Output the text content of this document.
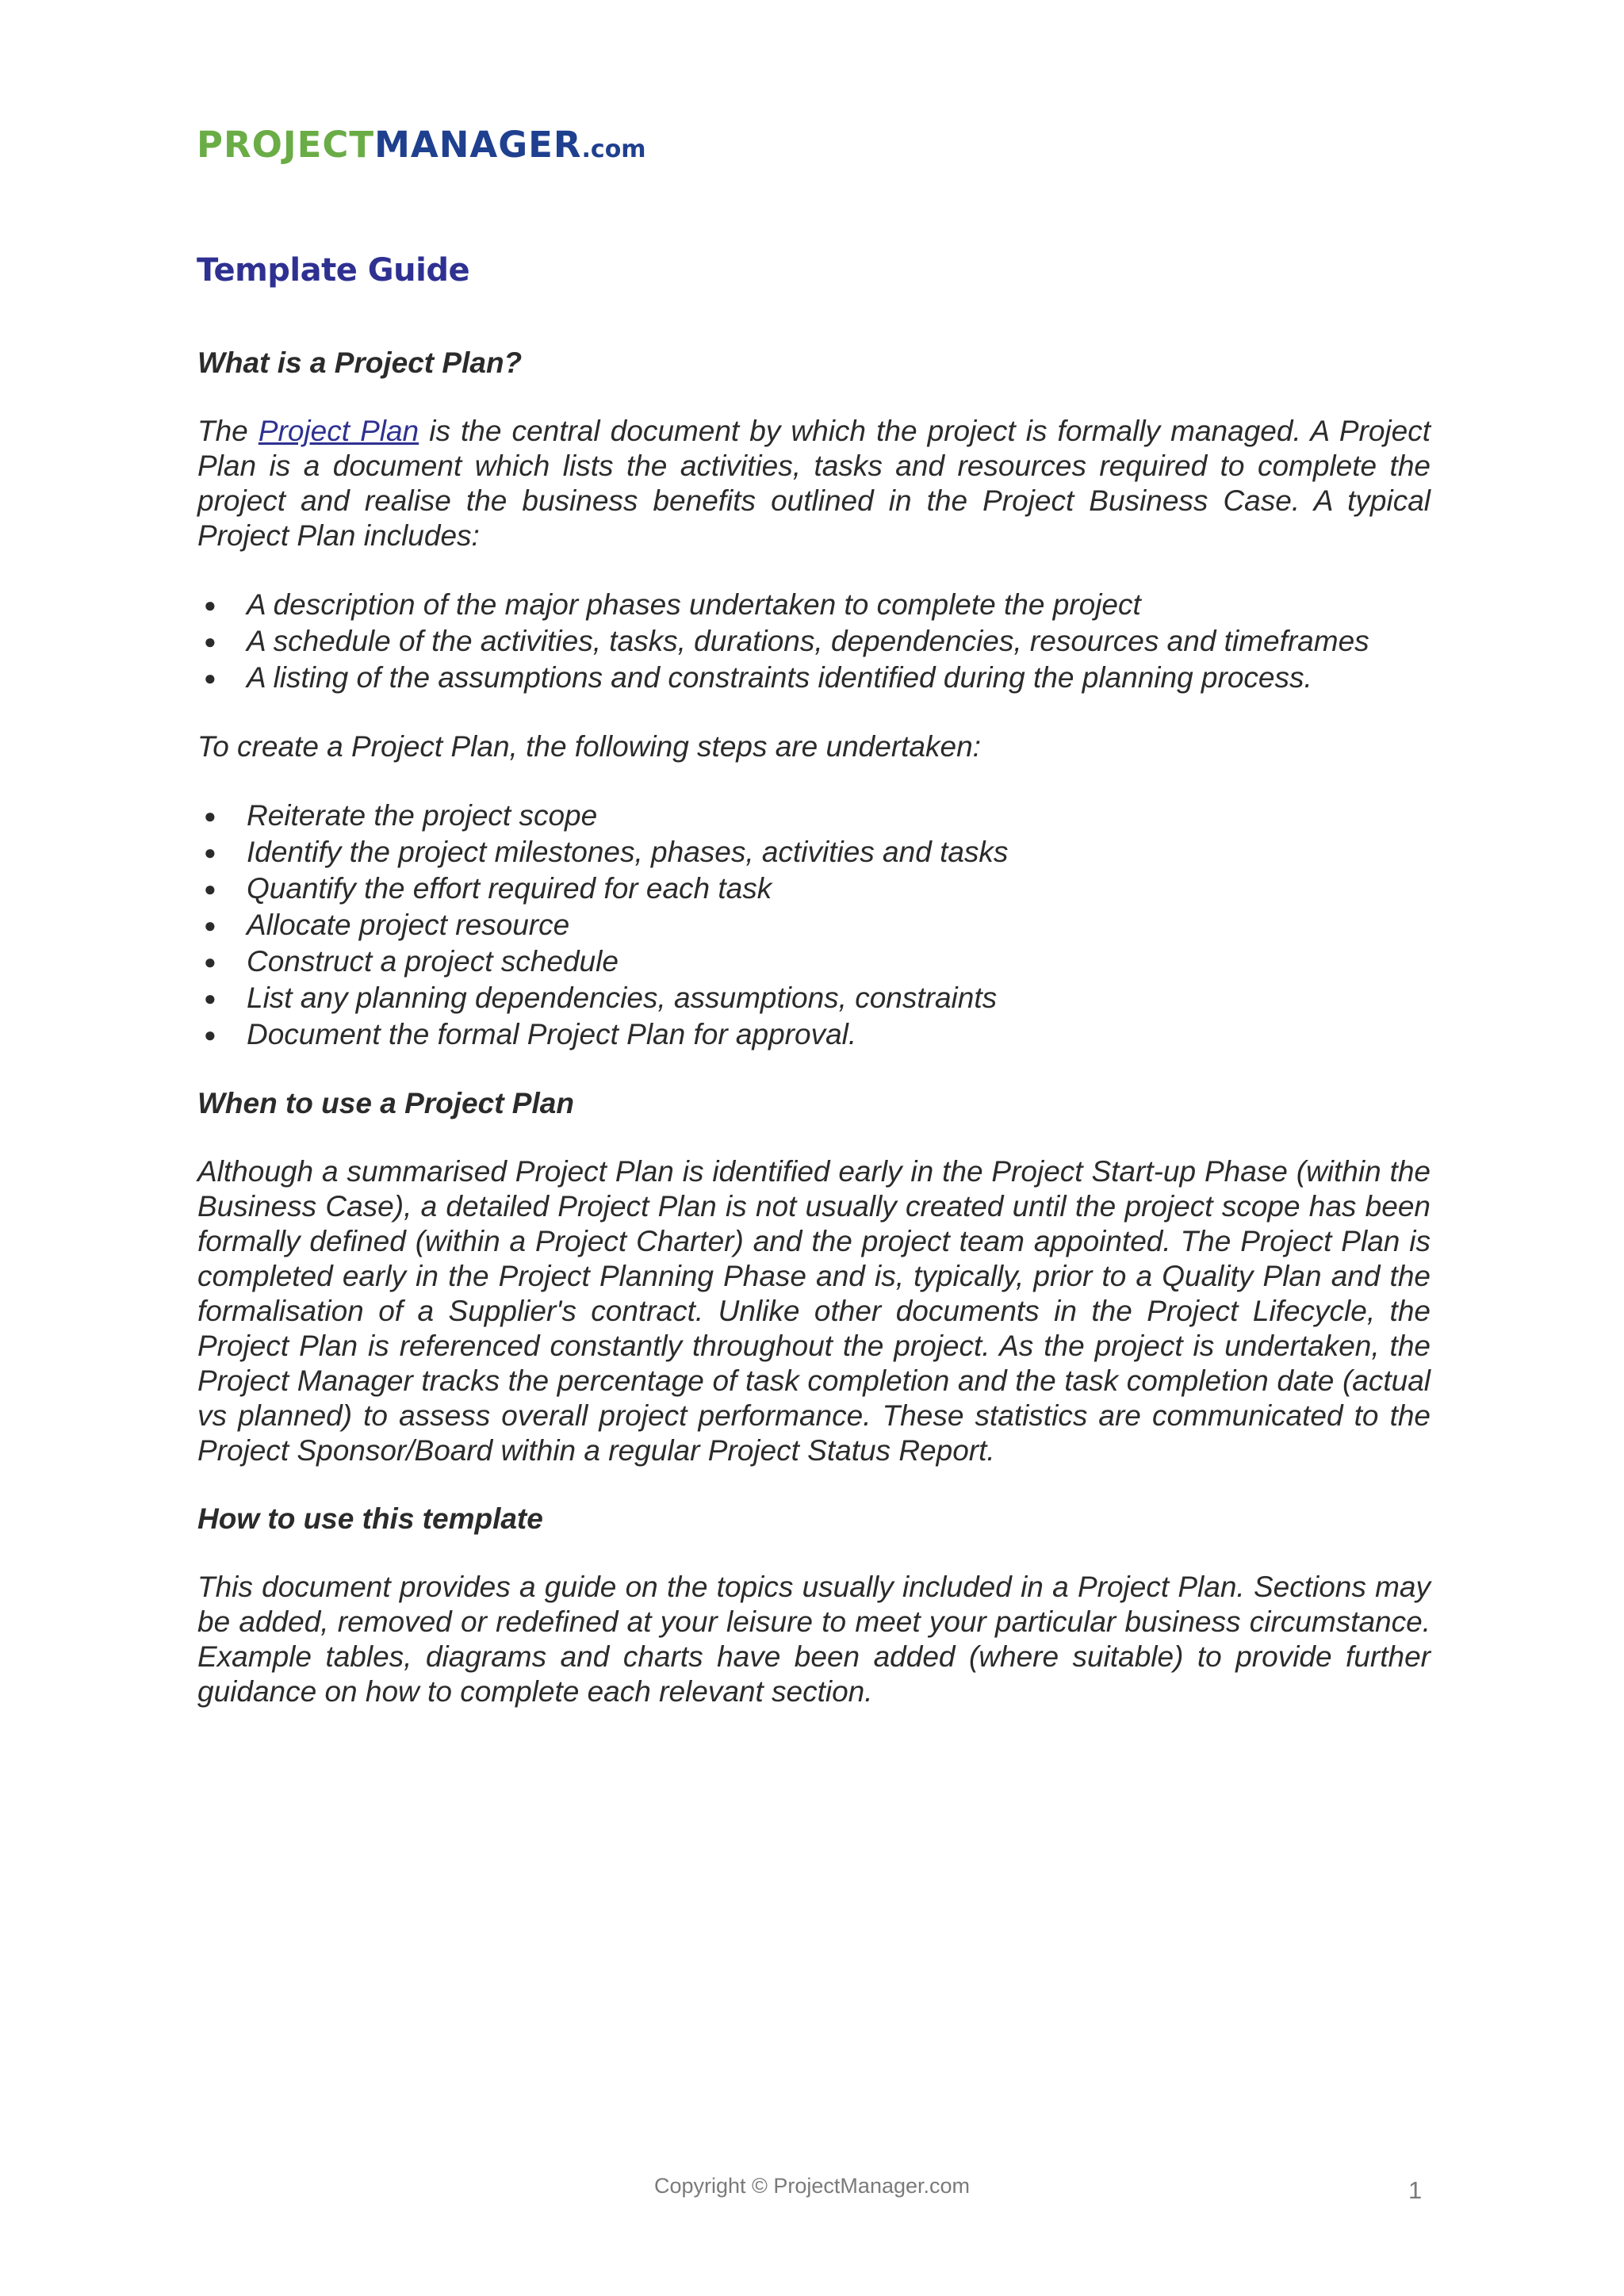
PROJECTMANAGER.com
Template Guide
What is a Project Plan?

The Project Plan is the central document by which the project is formally managed. A Project Plan is a document which lists the activities, tasks and resources required to complete the project and realise the business benefits outlined in the Project Business Case. A typical Project Plan includes:

● A description of the major phases undertaken to complete the project
● A schedule of the activities, tasks, durations, dependencies, resources and timeframes
● A listing of the assumptions and constraints identified during the planning process.

To create a Project Plan, the following steps are undertaken:

● Reiterate the project scope
● Identify the project milestones, phases, activities and tasks
● Quantify the effort required for each task
● Allocate project resource
● Construct a project schedule
● List any planning dependencies, assumptions, constraints
● Document the formal Project Plan for approval.
When to use a Project Plan

Although a summarised Project Plan is identified early in the Project Start-up Phase (within the Business Case), a detailed Project Plan is not usually created until the project scope has been formally defined (within a Project Charter) and the project team appointed. The Project Plan is completed early in the Project Planning Phase and is, typically, prior to a Quality Plan and the formalisation of a Supplier's contract. Unlike other documents in the Project Lifecycle, the Project Plan is referenced constantly throughout the project. As the project is undertaken, the Project Manager tracks the percentage of task completion and the task completion date (actual vs planned) to assess overall project performance. These statistics are communicated to the Project Sponsor/Board within a regular Project Status Report.

How to use this template

This document provides a guide on the topics usually included in a Project Plan. Sections may be added, removed or redefined at your leisure to meet your particular business circumstance. Example tables, diagrams and charts have been added (where suitable) to provide further guidance on how to complete each relevant section.

Copyright © ProjectManager.com	1
